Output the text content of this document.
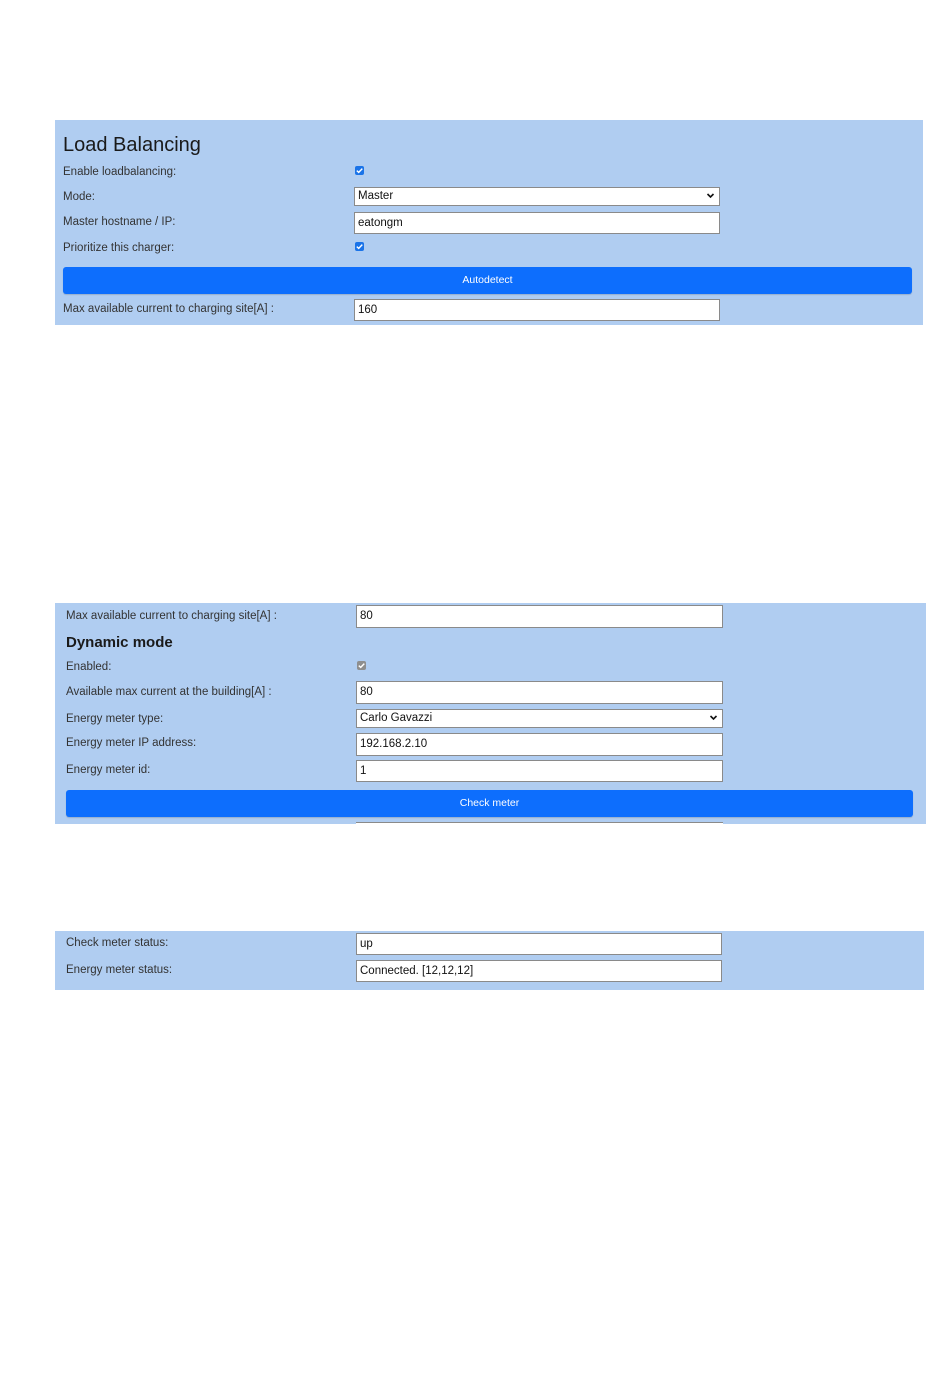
Load Balancing
Enable loadbalancing:
Mode:	Master
Master hostname / IP:	eatongm
Prioritize this charger:
Autodetect
Max available current to charging site[A] :	160
Max available current to charging site[A] :	80
Dynamic mode
Enabled:
Available max current at the building[A] :	80
Energy meter type:	Carlo Gavazzi
Energy meter IP address:	192.168.2.10
Energy meter id:	1
Check meter
Check meter status:	up
Energy meter status:	Connected. [12,12,12]
